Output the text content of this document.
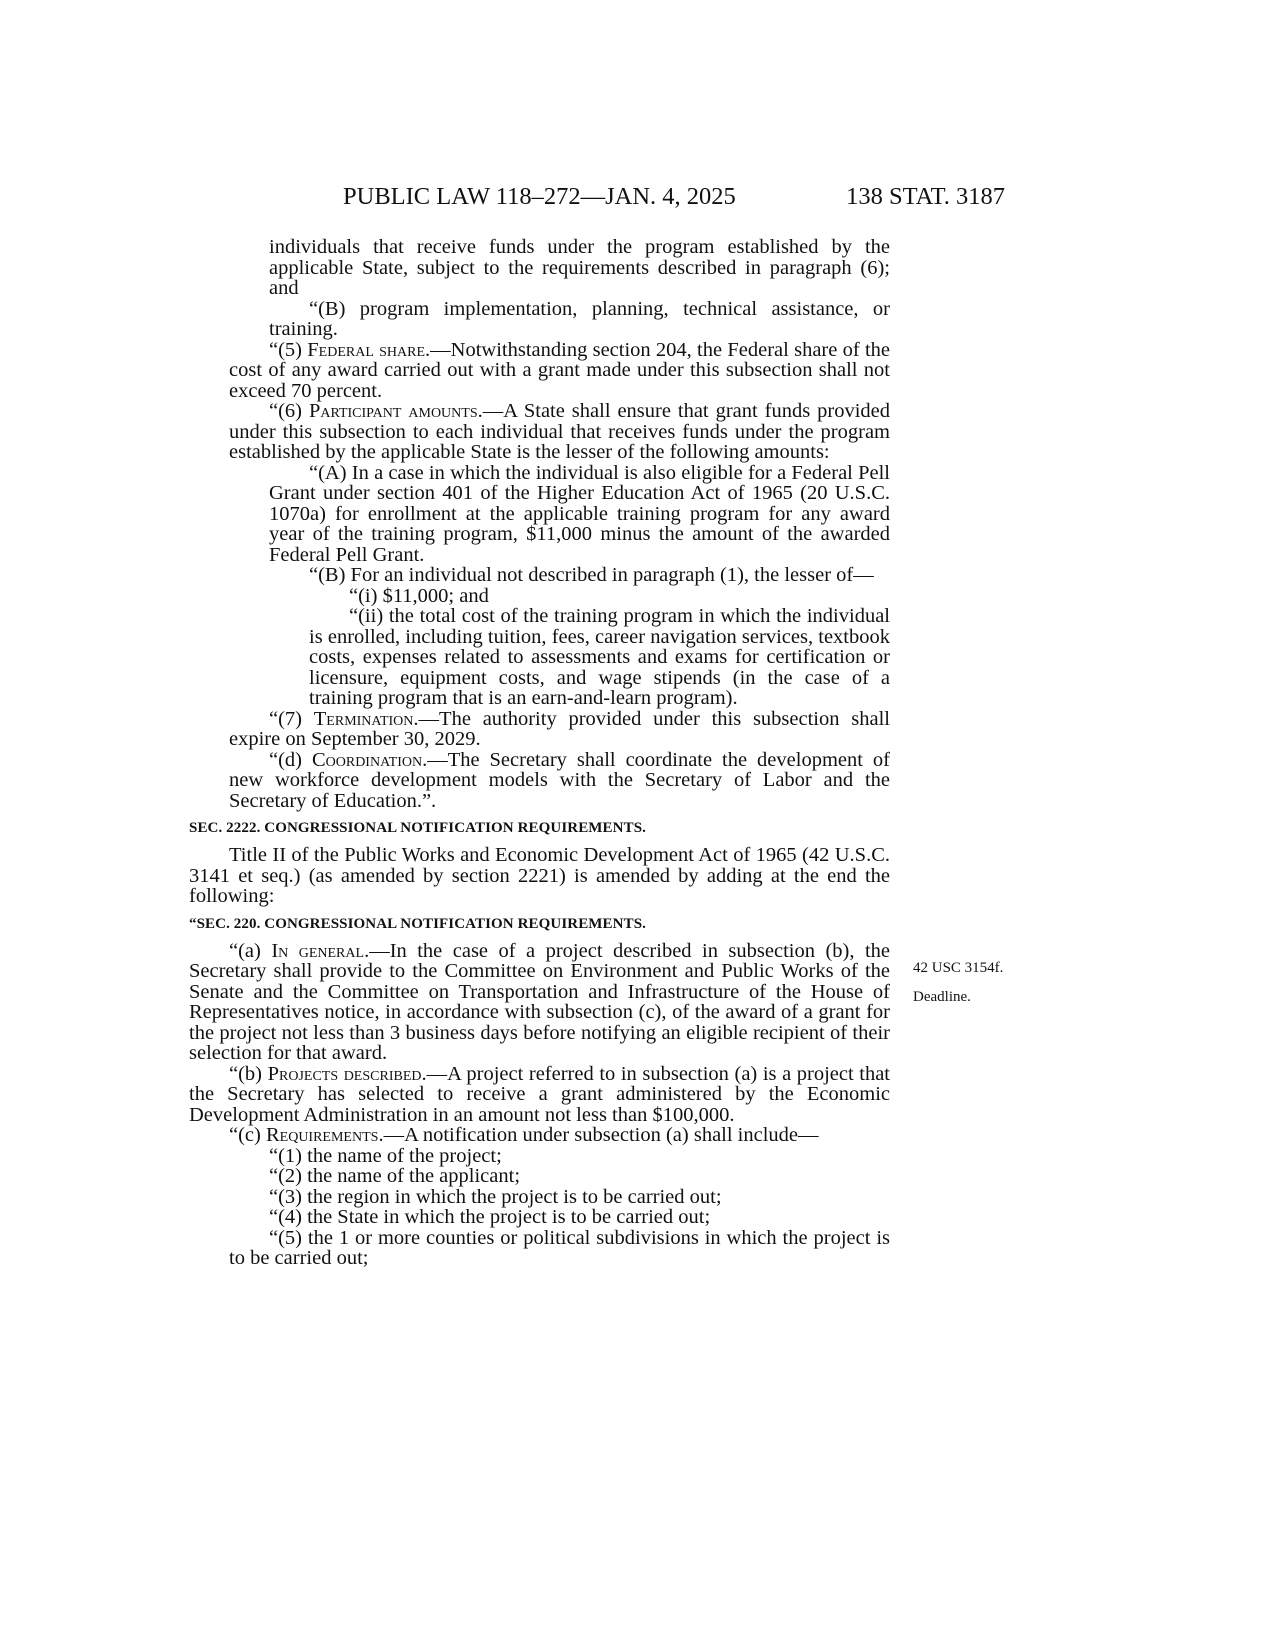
PUBLIC LAW 118–272—JAN. 4, 2025	138 STAT. 3187

individuals that receive funds under the program established by the applicable State, subject to the requirements described in paragraph (6); and

“(B) program implementation, planning, technical assistance, or training.

“(5) Federal share.—Notwithstanding section 204, the Federal share of the cost of any award carried out with a grant made under this subsection shall not exceed 70 percent.

“(6) Participant amounts.—A State shall ensure that grant funds provided under this subsection to each individual that receives funds under the program established by the applicable State is the lesser of the following amounts:

“(A) In a case in which the individual is also eligible for a Federal Pell Grant under section 401 of the Higher Education Act of 1965 (20 U.S.C. 1070a) for enrollment at the applicable training program for any award year of the training program, $11,000 minus the amount of the awarded Federal Pell Grant.

“(B) For an individual not described in paragraph (1), the lesser of—

“(i) $11,000; and

“(ii) the total cost of the training program in which the individual is enrolled, including tuition, fees, career navigation services, textbook costs, expenses related to assessments and exams for certification or licensure, equipment costs, and wage stipends (in the case of a training program that is an earn-and-learn program).

“(7) Termination.—The authority provided under this subsection shall expire on September 30, 2029.

“(d) Coordination.—The Secretary shall coordinate the development of new workforce development models with the Secretary of Labor and the Secretary of Education.”.

SEC. 2222. CONGRESSIONAL NOTIFICATION REQUIREMENTS.

Title II of the Public Works and Economic Development Act of 1965 (42 U.S.C. 3141 et seq.) (as amended by section 2221) is amended by adding at the end the following:

“SEC. 220. CONGRESSIONAL NOTIFICATION REQUIREMENTS.

“(a) In general.—In the case of a project described in subsection (b), the Secretary shall provide to the Committee on Environment and Public Works of the Senate and the Committee on Transportation and Infrastructure of the House of Representatives notice, in accordance with subsection (c), of the award of a grant for the project not less than 3 business days before notifying an eligible recipient of their selection for that award.

“(b) Projects described.—A project referred to in subsection (a) is a project that the Secretary has selected to receive a grant administered by the Economic Development Administration in an amount not less than $100,000.

“(c) Requirements.—A notification under subsection (a) shall include—

“(1) the name of the project;

“(2) the name of the applicant;

“(3) the region in which the project is to be carried out;

“(4) the State in which the project is to be carried out;

“(5) the 1 or more counties or political subdivisions in which the project is to be carried out;

42 USC 3154f.
Deadline.
